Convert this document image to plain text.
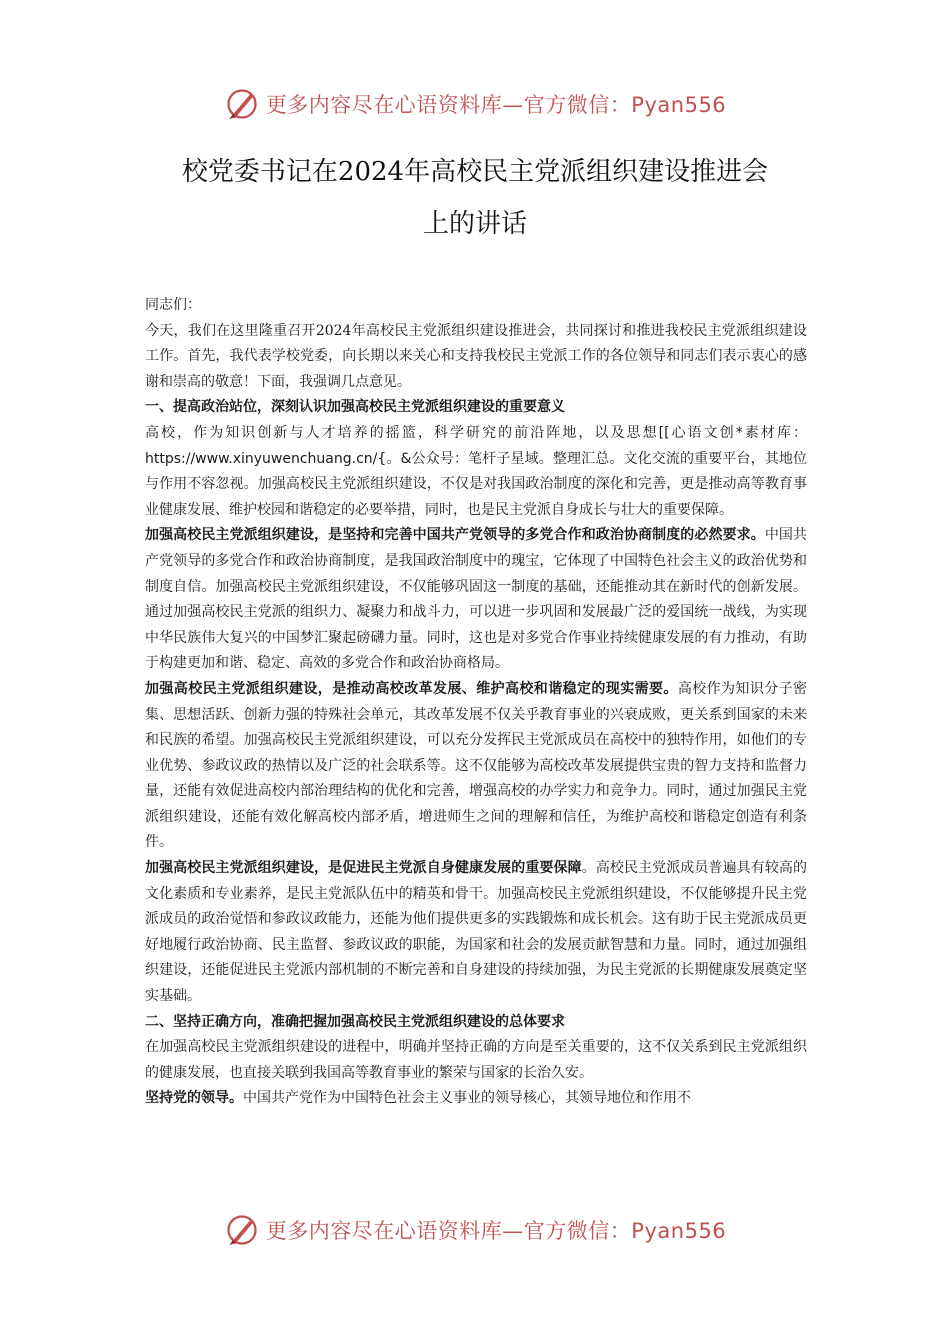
更多内容尽在心语资料库—官方微信：Pyan556
校党委书记在2024年高校民主党派组织建设推进会
上的讲话

同志们：

今天，我们在这里隆重召开2024年高校民主党派组织建设推进会，共同探讨和推进我校民主党派组织建设工作。首先，我代表学校党委，向长期以来关心和支持我校民主党派工作的各位领导和同志们表示衷心的感谢和崇高的敬意！下面，我强调几点意见。

一、提高政治站位，深刻认识加强高校民主党派组织建设的重要意义

高校，作为知识创新与人才培养的摇篮，科学研究的前沿阵地，以及思想[[心语文创*素材库：https://www.xinyuwenchuang.cn/{。&公众号：笔杆子星域。整理汇总。文化交流的重要平台，其地位与作用不容忽视。加强高校民主党派组织建设，不仅是对我国政治制度的深化和完善，更是推动高等教育事业健康发展、维护校园和谐稳定的必要举措，同时，也是民主党派自身成长与壮大的重要保障。

加强高校民主党派组织建设，是坚持和完善中国共产党领导的多党合作和政治协商制度的必然要求。中国共产党领导的多党合作和政治协商制度，是我国政治制度中的瑰宝，它体现了中国特色社会主义的政治优势和制度自信。加强高校民主党派组织建设，不仅能够巩固这一制度的基础，还能推动其在新时代的创新发展。通过加强高校民主党派的组织力、凝聚力和战斗力，可以进一步巩固和发展最广泛的爱国统一战线，为实现中华民族伟大复兴的中国梦汇聚起磅礴力量。同时，这也是对多党合作事业持续健康发展的有力推动，有助于构建更加和谐、稳定、高效的多党合作和政治协商格局。

加强高校民主党派组织建设，是推动高校改革发展、维护高校和谐稳定的现实需要。高校作为知识分子密集、思想活跃、创新力强的特殊社会单元，其改革发展不仅关乎教育事业的兴衰成败，更关系到国家的未来和民族的希望。加强高校民主党派组织建设，可以充分发挥民主党派成员在高校中的独特作用，如他们的专业优势、参政议政的热情以及广泛的社会联系等。这不仅能够为高校改革发展提供宝贵的智力支持和监督力量，还能有效促进高校内部治理结构的优化和完善，增强高校的办学实力和竞争力。同时，通过加强民主党派组织建设，还能有效化解高校内部矛盾，增进师生之间的理解和信任，为维护高校和谐稳定创造有利条件。

加强高校民主党派组织建设，是促进民主党派自身健康发展的重要保障。高校民主党派成员普遍具有较高的文化素质和专业素养，是民主党派队伍中的精英和骨干。加强高校民主党派组织建设，不仅能够提升民主党派成员的政治觉悟和参政议政能力，还能为他们提供更多的实践锻炼和成长机会。这有助于民主党派成员更好地履行政治协商、民主监督、参政议政的职能，为国家和社会的发展贡献智慧和力量。同时，通过加强组织建设，还能促进民主党派内部机制的不断完善和自身建设的持续加强，为民主党派的长期健康发展奠定坚实基础。

二、坚持正确方向，准确把握加强高校民主党派组织建设的总体要求

在加强高校民主党派组织建设的进程中，明确并坚持正确的方向是至关重要的，这不仅关系到民主党派组织的健康发展，也直接关联到我国高等教育事业的繁荣与国家的长治久安。

坚持党的领导。中国共产党作为中国特色社会主义事业的领导核心，其领导地位和作用不

更多内容尽在心语资料库—官方微信：Pyan556
